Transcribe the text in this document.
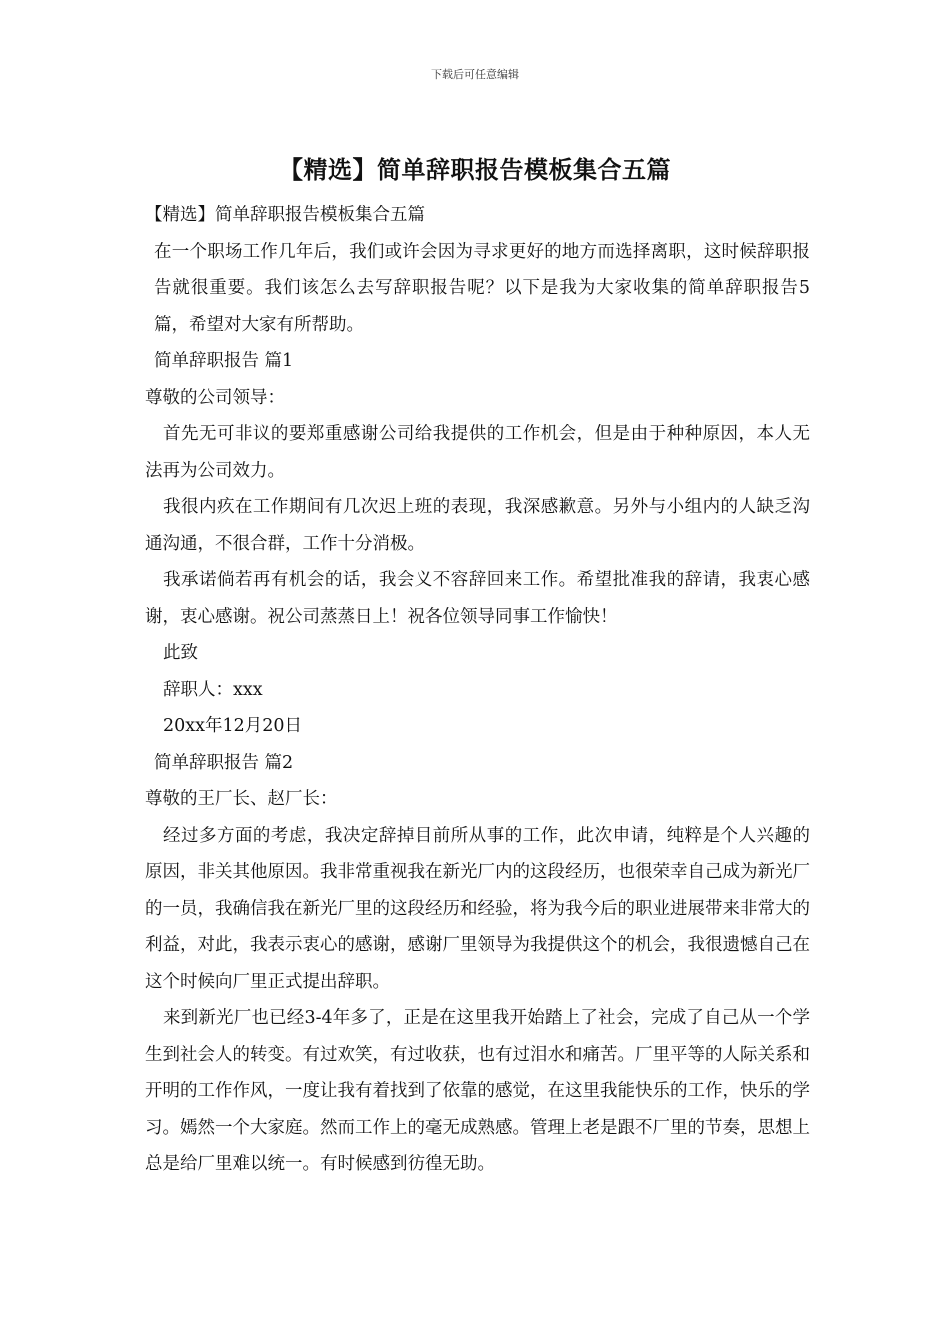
下载后可任意编辑
【精选】简单辞职报告模板集合五篇
【精选】简单辞职报告模板集合五篇
在一个职场工作几年后，我们或许会因为寻求更好的地方而选择离职，这时候辞职报告就很重要。我们该怎么去写辞职报告呢？以下是我为大家收集的简单辞职报告5篇，希望对大家有所帮助。
简单辞职报告 篇1
尊敬的公司领导：
首先无可非议的要郑重感谢公司给我提供的工作机会，但是由于种种原因，本人无法再为公司效力。
我很内疚在工作期间有几次迟上班的表现，我深感歉意。另外与小组内的人缺乏沟通沟通，不很合群，工作十分消极。
我承诺倘若再有机会的话，我会义不容辞回来工作。希望批准我的辞请，我衷心感谢，衷心感谢。祝公司蒸蒸日上！祝各位领导同事工作愉快！
此致
辞职人：xxx
20xx年12月20日
简单辞职报告 篇2
尊敬的王厂长、赵厂长：
经过多方面的考虑，我决定辞掉目前所从事的工作，此次申请，纯粹是个人兴趣的原因，非关其他原因。我非常重视我在新光厂内的这段经历，也很荣幸自己成为新光厂的一员，我确信我在新光厂里的这段经历和经验，将为我今后的职业进展带来非常大的利益，对此，我表示衷心的感谢，感谢厂里领导为我提供这个的机会，我很遗憾自己在这个时候向厂里正式提出辞职。
来到新光厂也已经3-4年多了，正是在这里我开始踏上了社会，完成了自己从一个学生到社会人的转变。有过欢笑，有过收获，也有过泪水和痛苦。厂里平等的人际关系和开明的工作作风，一度让我有着找到了依靠的感觉，在这里我能快乐的工作，快乐的学习。嫣然一个大家庭。然而工作上的毫无成熟感。管理上老是跟不厂里的节奏，思想上总是给厂里难以统一。有时候感到彷徨无助。
